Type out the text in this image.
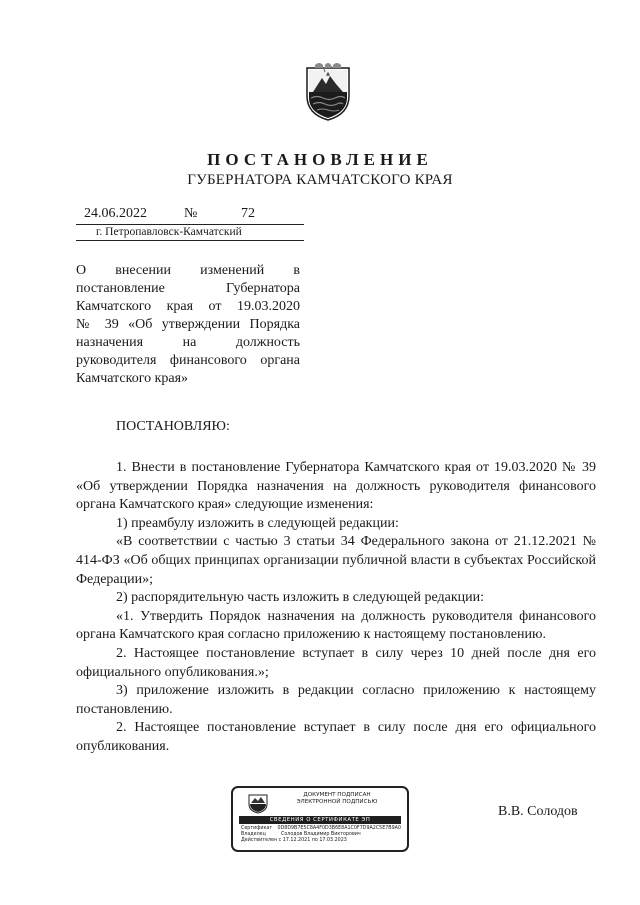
ПОСТАНОВЛЕНИЕ
ГУБЕРНАТОРА КАМЧАТСКОГО КРАЯ
24.06.2022	№	72
г. Петропавловск-Камчатский
О внесении изменений в
постановление Губернатора
Камчатского края от 19.03.2020
№ 39 «Об утверждении Порядка
назначения на должность
руководителя финансового органа
Камчатского края»
ПОСТАНОВЛЯЮ:

1. Внести в постановление Губернатора Камчатского края от 19.03.2020 № 39 «Об утверждении Порядка назначения на должность руководителя финансового органа Камчатского края» следующие изменения:

1) преамбулу изложить в следующей редакции:

«В соответствии с частью 3 статьи 34 Федерального закона от 21.12.2021 № 414-ФЗ «Об общих принципах организации публичной власти в субъектах Российской Федерации»;

2) распорядительную часть изложить в следующей редакции:

«1. Утвердить Порядок назначения на должность руководителя финансового органа Камчатского края согласно приложению к настоящему постановлению.

2. Настоящее постановление вступает в силу через 10 дней после дня его официального опубликования.»;

3) приложение изложить в редакции согласно приложению к настоящему постановлению.

2. Настоящее постановление вступает в силу после дня его официального опубликования.

ДОКУМЕНТ ПОДПИСАН
ЭЛЕКТРОННОЙ ПОДПИСЬЮ
СВЕДЕНИЯ О СЕРТИФИКАТЕ ЭП
Сертификат	0D8D9B7E5C8A4F0D3B6E8A1C0F7D9A2C5E7B9A0
Владелец	Солодов Владимир Викторович
Действителен с 17.12.2021 по 17.03.2023
В.В. Солодов
